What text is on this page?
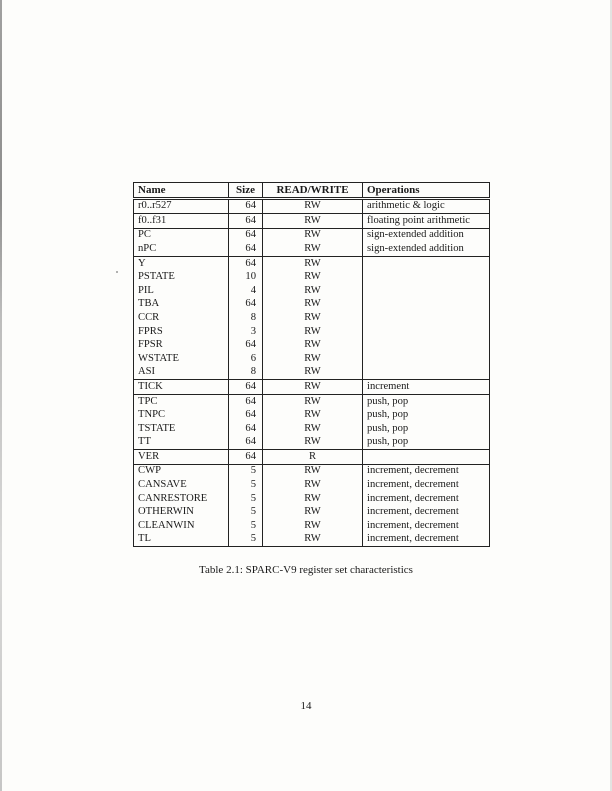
Name	Size	READ/WRITE	Operations
r0..r527	64	RW	arithmetic & logic
f0..f31	64	RW	floating point arithmetic
PC	64	RW	sign-extended addition
nPC	64	RW	sign-extended addition
Y	64	RW	
PSTATE	10	RW	
PIL	4	RW	
TBA	64	RW	
CCR	8	RW	
FPRS	3	RW	
FPSR	64	RW	
WSTATE	6	RW	
ASI	8	RW	
TICK	64	RW	increment
TPC	64	RW	push, pop
TNPC	64	RW	push, pop
TSTATE	64	RW	push, pop
TT	64	RW	push, pop
VER	64	R	
CWP	5	RW	increment, decrement
CANSAVE	5	RW	increment, decrement
CANRESTORE	5	RW	increment, decrement
OTHERWIN	5	RW	increment, decrement
CLEANWIN	5	RW	increment, decrement
TL	5	RW	increment, decrement
Table 2.1: SPARC-V9 register set characteristics
14
